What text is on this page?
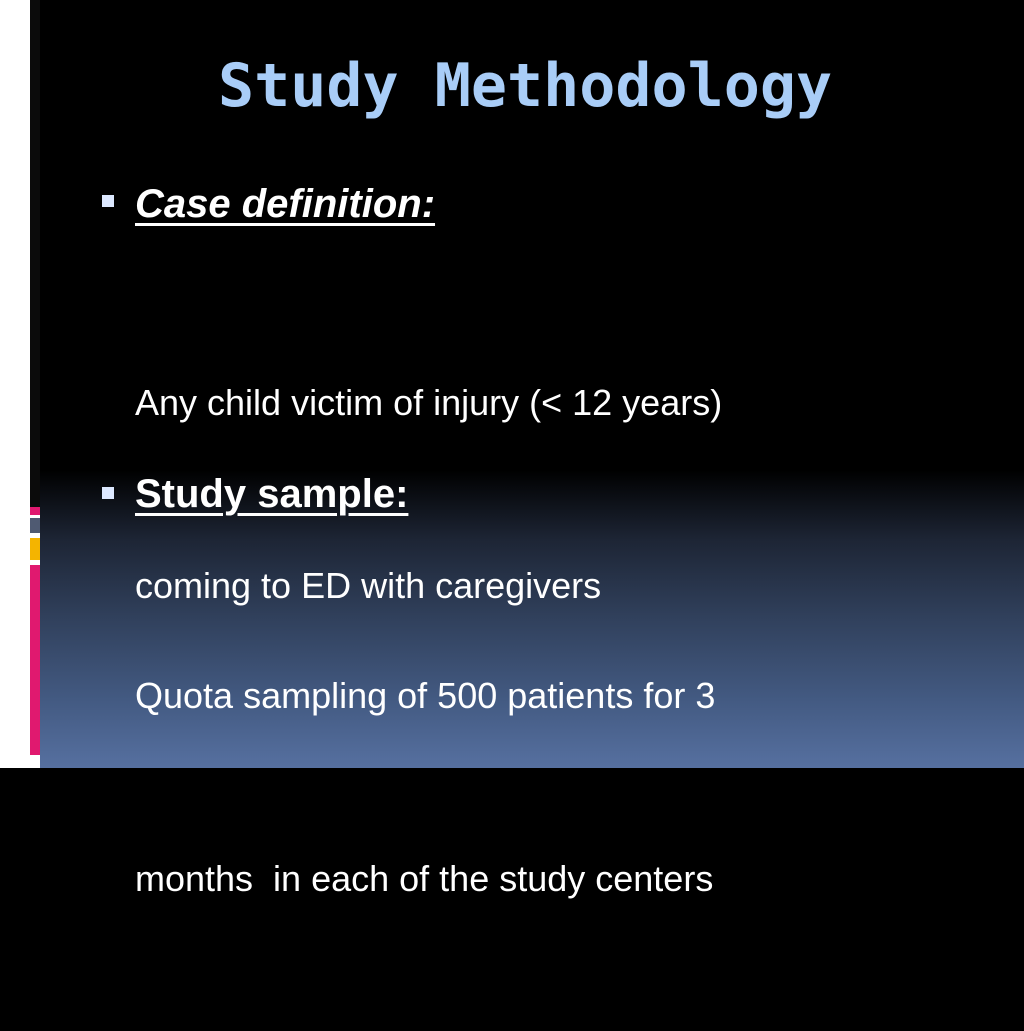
Study Methodology
Case definition:

Any child victim of injury (< 12 years)

coming to ED with caregivers

Study sample:

Quota sampling of 500 patients for 3

months  in each of the study centers
